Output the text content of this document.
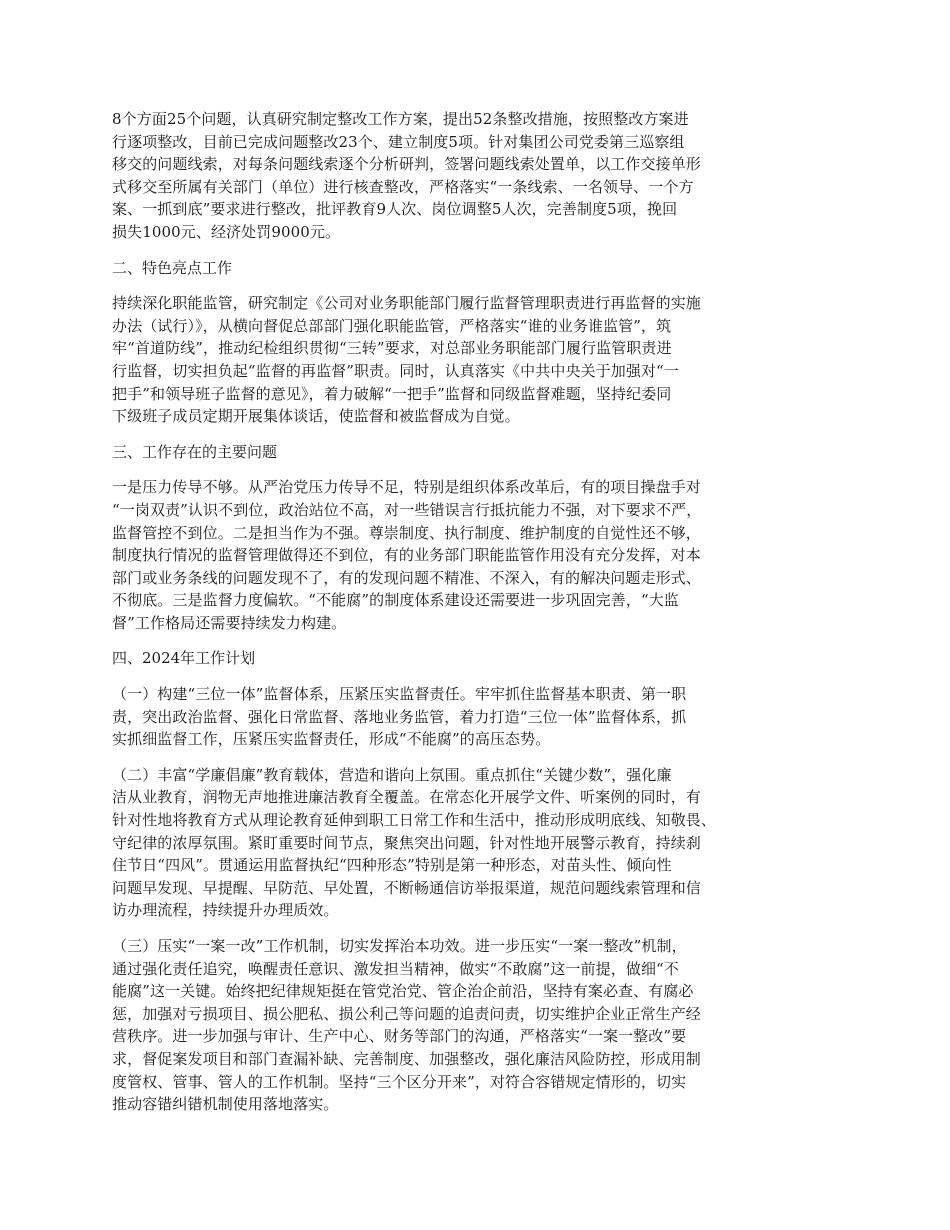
8个方面25个问题，认真研究制定整改工作方案，提出52条整改措施，按照整改方案进
行逐项整改，目前已完成问题整改23个、建立制度5项。针对集团公司党委第三巡察组
移交的问题线索，对每条问题线索逐个分析研判，签署问题线索处置单，以工作交接单形
式移交至所属有关部门（单位）进行核查整改，严格落实“一条线索、一名领导、一个方
案、一抓到底”要求进行整改，批评教育9人次、岗位调整5人次，完善制度5项，挽回
损失1000元、经济处罚9000元。
二、特色亮点工作
持续深化职能监管，研究制定《公司对业务职能部门履行监督管理职责进行再监督的实施
办法（试行）》，从横向督促总部部门强化职能监管，严格落实“谁的业务谁监管”，筑
牢“首道防线”，推动纪检组织贯彻“三转”要求，对总部业务职能部门履行监管职责进
行监督，切实担负起“监督的再监督”职责。同时，认真落实《中共中央关于加强对“一
把手”和领导班子监督的意见》，着力破解“一把手”监督和同级监督难题，坚持纪委同
下级班子成员定期开展集体谈话，使监督和被监督成为自觉。
三、工作存在的主要问题
一是压力传导不够。从严治党压力传导不足，特别是组织体系改革后，有的项目操盘手对
“一岗双责”认识不到位，政治站位不高，对一些错误言行抵抗能力不强，对下要求不严，
监督管控不到位。二是担当作为不强。尊崇制度、执行制度、维护制度的自觉性还不够，
制度执行情况的监督管理做得还不到位，有的业务部门职能监管作用没有充分发挥，对本
部门或业务条线的问题发现不了，有的发现问题不精准、不深入，有的解决问题走形式、
不彻底。三是监督力度偏软。“不能腐”的制度体系建设还需要进一步巩固完善，“大监
督”工作格局还需要持续发力构建。
四、2024年工作计划
（一）构建“三位一体”监督体系，压紧压实监督责任。牢牢抓住监督基本职责、第一职
责，突出政治监督、强化日常监督、落地业务监管，着力打造“三位一体”监督体系，抓
实抓细监督工作，压紧压实监督责任，形成“不能腐”的高压态势。
（二）丰富“学廉倡廉”教育载体，营造和谐向上氛围。重点抓住“关键少数”，强化廉
洁从业教育，润物无声地推进廉洁教育全覆盖。在常态化开展学文件、听案例的同时，有
针对性地将教育方式从理论教育延伸到职工日常工作和生活中，推动形成明底线、知敬畏、
守纪律的浓厚氛围。紧盯重要时间节点，聚焦突出问题，针对性地开展警示教育，持续刹
住节日“四风”。贯通运用监督执纪“四种形态”特别是第一种形态，对苗头性、倾向性
问题早发现、早提醒、早防范、早处置，不断畅通信访举报渠道，规范问题线索管理和信
访办理流程，持续提升办理质效。
（三）压实“一案一改”工作机制，切实发挥治本功效。进一步压实“一案一整改”机制，
通过强化责任追究，唤醒责任意识、激发担当精神，做实“不敢腐”这一前提，做细“不
能腐”这一关键。始终把纪律规矩挺在管党治党、管企治企前沿，坚持有案必查、有腐必
惩，加强对亏损项目、损公肥私、损公利己等问题的追责问责，切实维护企业正常生产经
营秩序。进一步加强与审计、生产中心、财务等部门的沟通，严格落实“一案一整改”要
求，督促案发项目和部门查漏补缺、完善制度、加强整改，强化廉洁风险防控，形成用制
度管权、管事、管人的工作机制。坚持“三个区分开来”，对符合容错规定情形的，切实
推动容错纠错机制使用落地落实。
